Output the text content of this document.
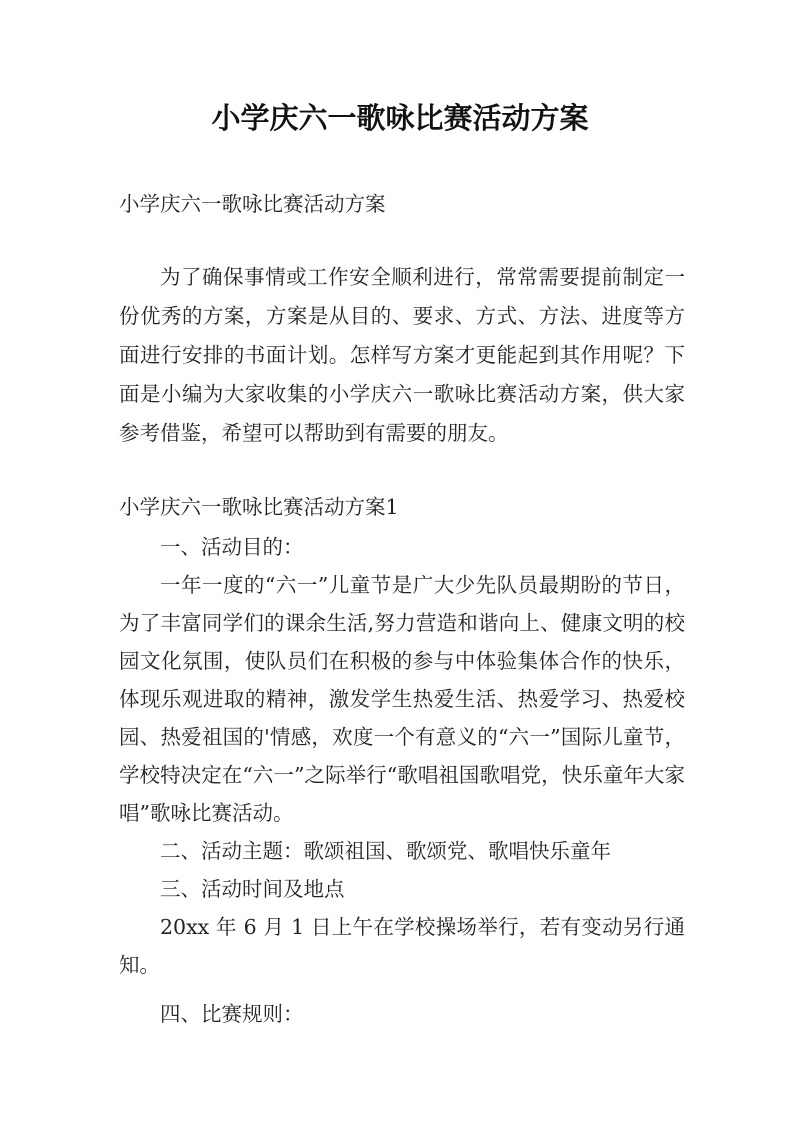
小学庆六一歌咏比赛活动方案
小学庆六一歌咏比赛活动方案

为了确保事情或工作安全顺利进行，常常需要提前制定一份优秀的方案，方案是从目的、要求、方式、方法、进度等方面进行安排的书面计划。怎样写方案才更能起到其作用呢？下面是小编为大家收集的小学庆六一歌咏比赛活动方案，供大家参考借鉴，希望可以帮助到有需要的朋友。

小学庆六一歌咏比赛活动方案1

一、活动目的：

一年一度的“六一”儿童节是广大少先队员最期盼的节日，为了丰富同学们的课余生活,努力营造和谐向上、健康文明的校园文化氛围，使队员们在积极的参与中体验集体合作的快乐，体现乐观进取的精神，激发学生热爱生活、热爱学习、热爱校园、热爱祖国的'情感，欢度一个有意义的“六一”国际儿童节，学校特决定在“六一”之际举行“歌唱祖国歌唱党，快乐童年大家唱”歌咏比赛活动。

二、活动主题：歌颂祖国、歌颂党、歌唱快乐童年

三、活动时间及地点

20xx 年 6 月 1 日上午在学校操场举行，若有变动另行通知。

四、比赛规则：
